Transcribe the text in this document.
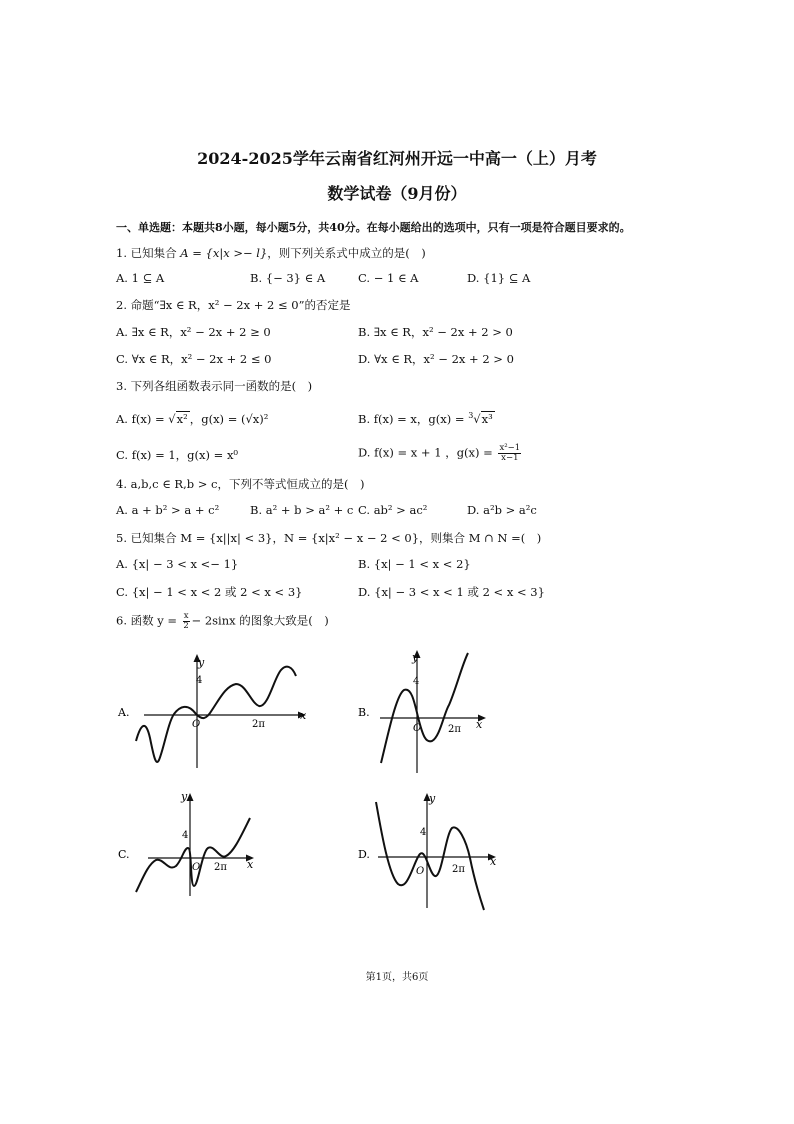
2024-2025学年云南省红河州开远一中高一（上）月考
数学试卷（9月份）
一、单选题：本题共8小题，每小题5分，共40分。在每小题给出的选项中，只有一项是符合题目要求的。
1. 已知集合 A = {x|x >− l}，则下列关系式中成立的是(　)
A. 1 ⊆ A	B. {− 3} ∈ A	C. − 1 ∈ A	D. {1} ⊆ A
2. 命题“∃x ∈ R，x² − 2x + 2 ≤ 0”的否定是
A. ∃x ∈ R，x² − 2x + 2 ≥ 0	B. ∃x ∈ R，x² − 2x + 2 > 0
C. ∀x ∈ R，x² − 2x + 2 ≤ 0	D. ∀x ∈ R，x² − 2x + 2 > 0
3. 下列各组函数表示同一函数的是(　)
A. f(x) = √x² ，g(x) = (√x)²	B. f(x) = x，g(x) = $^3$√x³
C. f(x) = 1，g(x) = x⁰	D. f(x) = x + 1 ，$g(x) = \frac{\text{x²−1}}{x-1}$
4. a,b,c ∈ R,b > c，下列不等式恒成立的是(　)
A. a + b² > a + c²	B. a² + b > a² + c C. ab² > ac²	D. a²b > a²c
5. 已知集合 M = {x||x| < 3}，N = {x|x² − x − 2 < 0}，则集合 M ∩ N =(　)
A. {x| − 3 < x <− 1}	B. {x| − 1 < x < 2}
C. {x| − 1 < x < 2 或 2 < x < 3}	D. {x| − 3 < x < 1 或 2 < x < 3}
6. 函数 $y = \frac{x}{2} - 2\sin x$ 的图象大致是(　)
A.
y
4
O	2π
x	B.
y
4
O	2π x
C.
y
4
O 2π x
D.
y
4
O	2π
x
第1页，共6页
